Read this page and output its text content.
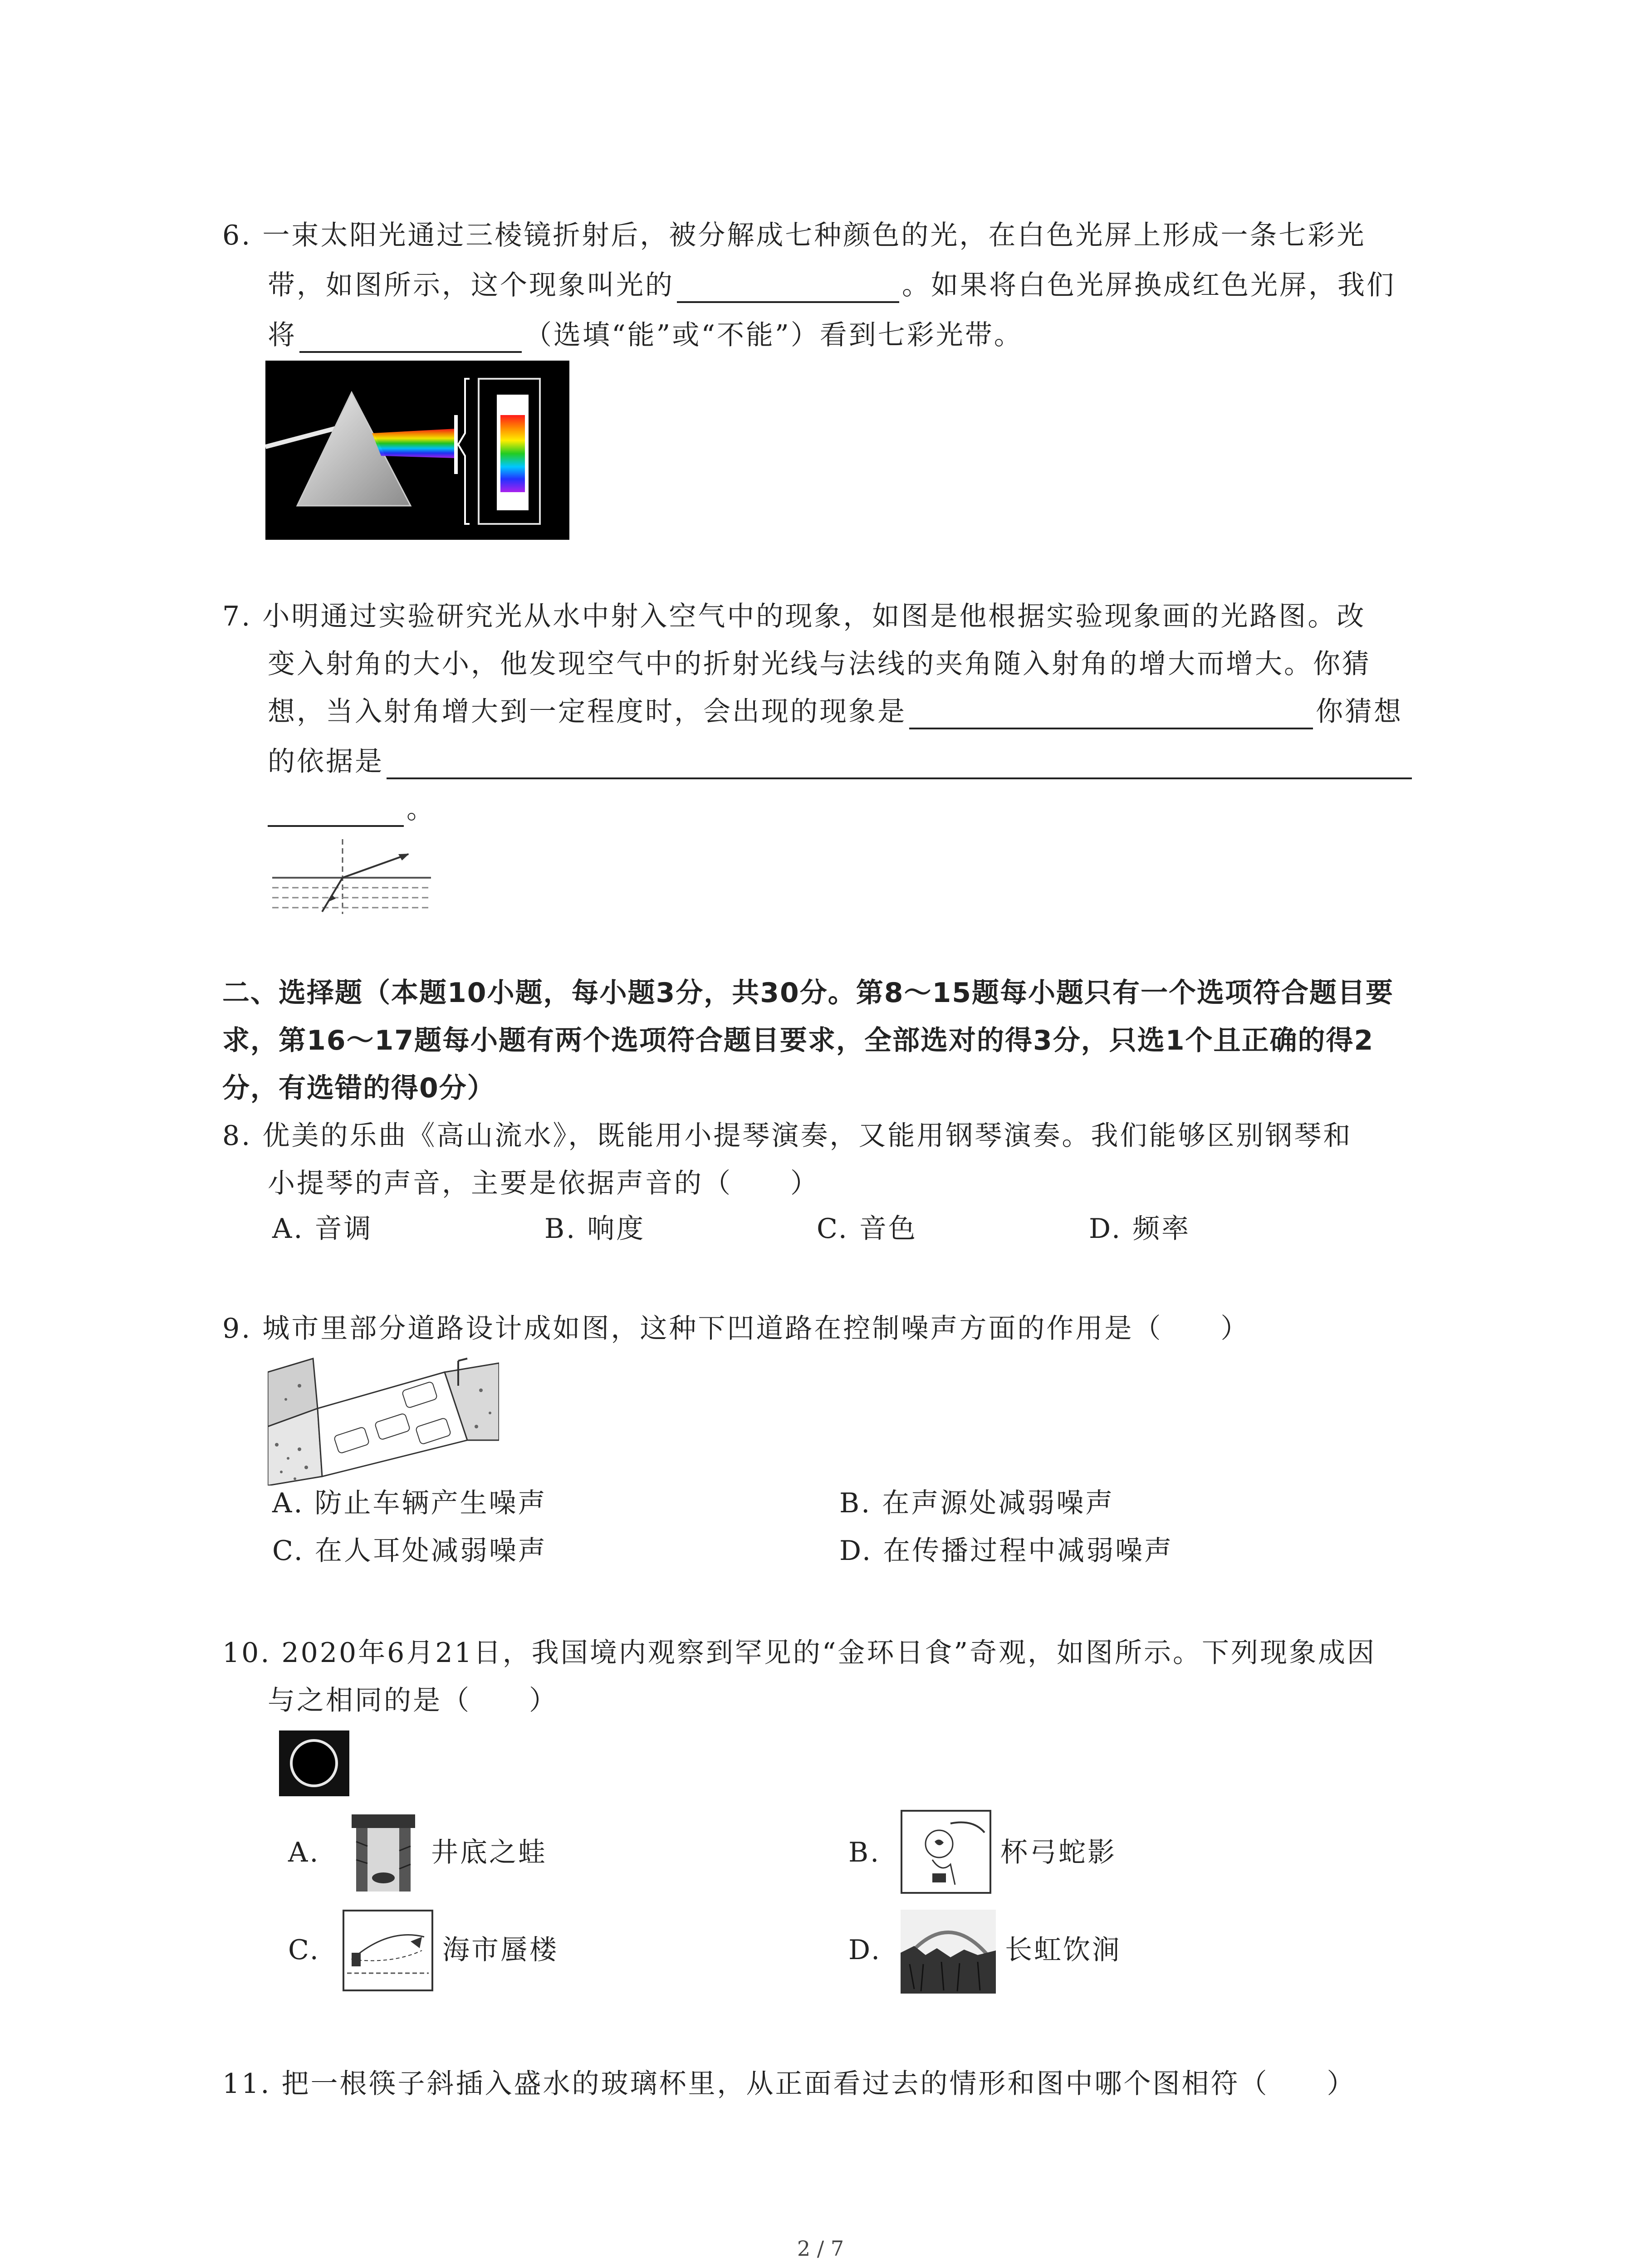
6. 一束太阳光通过三棱镜折射后，被分解成七种颜色的光，在白色光屏上形成一条七彩光
带，如图所示，这个现象叫光的	。如果将白色光屏换成红色光屏，我们
将	（选填“能”或“不能”）看到七彩光带。
7. 小明通过实验研究光从水中射入空气中的现象，如图是他根据实验现象画的光路图。改
变入射角的大小，他发现空气中的折射光线与法线的夹角随入射角的增大而增大。你猜
想，当入射角增大到一定程度时，会出现的现象是	你猜想
的依据是
。
二、选择题（本题10小题，每小题3分，共30分。第8～15题每小题只有一个选项符合题目要
求，第16～17题每小题有两个选项符合题目要求，全部选对的得3分，只选1个且正确的得2
分，有选错的得0分）
8. 优美的乐曲《高山流水》，既能用小提琴演奏，又能用钢琴演奏。我们能够区别钢琴和
小提琴的声音，主要是依据声音的（　　）
A. 音调	B. 响度	C. 音色	D. 频率
9. 城市里部分道路设计成如图，这种下凹道路在控制噪声方面的作用是（　　）
A. 防止车辆产生噪声	B. 在声源处减弱噪声
C. 在人耳处减弱噪声	D. 在传播过程中减弱噪声
10. 2020年6月21日，我国境内观察到罕见的“金环日食”奇观，如图所示。下列现象成因
与之相同的是（　　）
A.	井底之蛙	B.	杯弓蛇影
C.	海市蜃楼	D.	长虹饮涧
11. 把一根筷子斜插入盛水的玻璃杯里，从正面看过去的情形和图中哪个图相符（　　）
2 / 7
